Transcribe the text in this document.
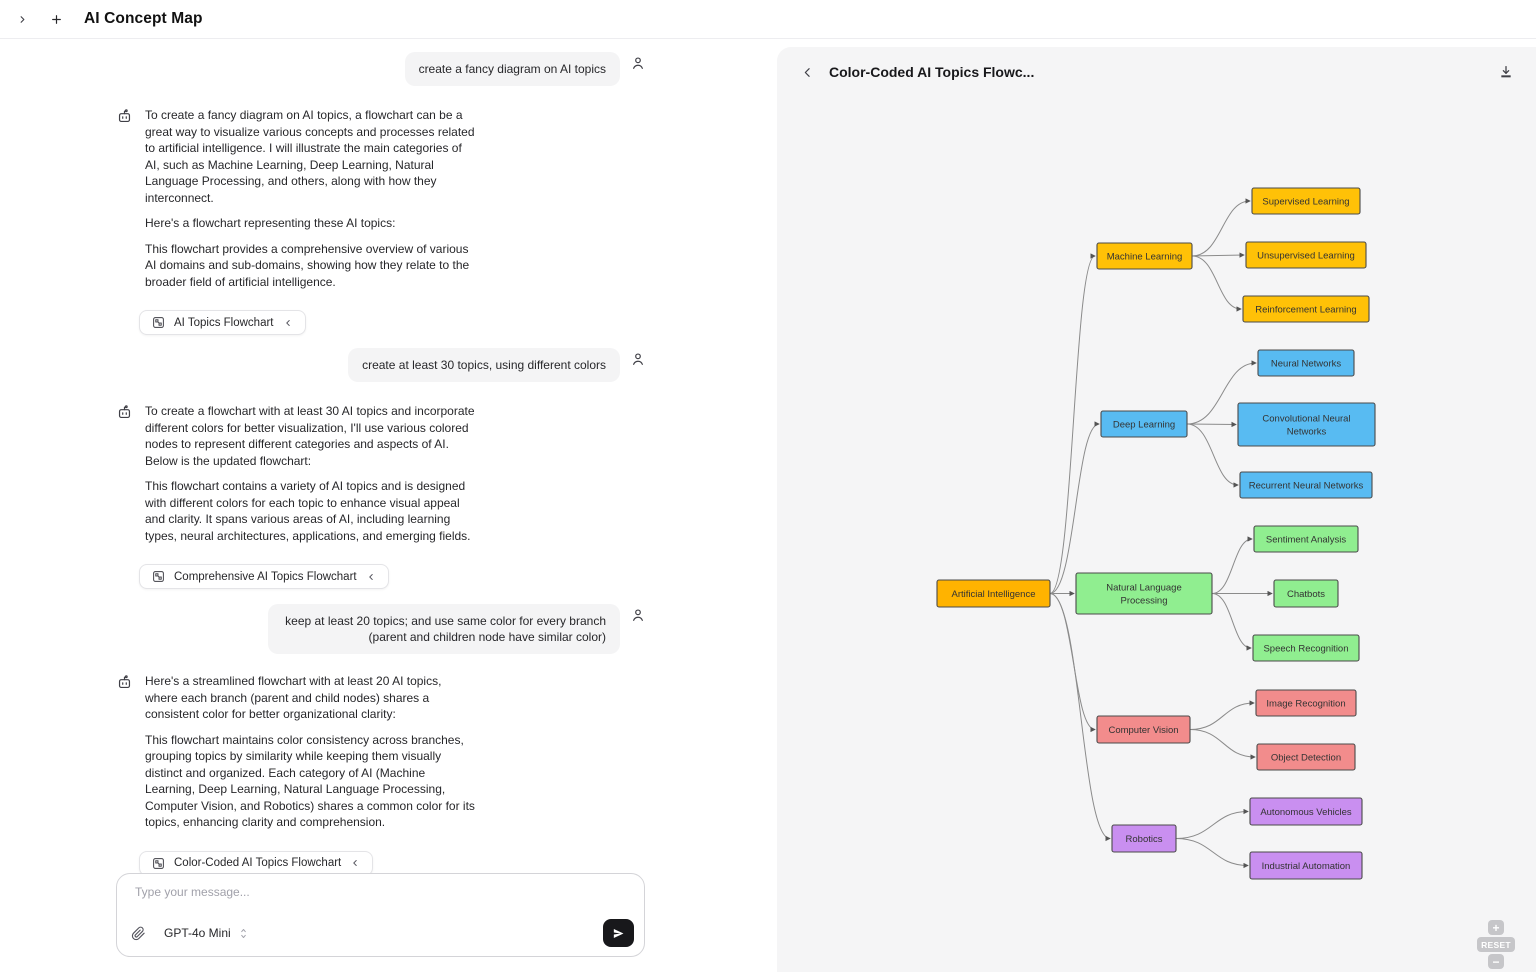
AI Concept Map
create a fancy diagram on AI topics

To create a fancy diagram on AI topics, a flowchart can be a great way to visualize various concepts and processes related to artificial intelligence. I will illustrate the main categories of AI, such as Machine Learning, Deep Learning, Natural Language Processing, and others, along with how they interconnect.

Here's a flowchart representing these AI topics:

This flowchart provides a comprehensive overview of various AI domains and sub-domains, showing how they relate to the broader field of artificial intelligence.

AI Topics Flowchart
create at least 30 topics, using different colors

To create a flowchart with at least 30 AI topics and incorporate different colors for better visualization, I'll use various colored nodes to represent different categories and aspects of AI. Below is the updated flowchart:

This flowchart contains a variety of AI topics and is designed with different colors for each topic to enhance visual appeal and clarity. It spans various areas of AI, including learning types, neural architectures, applications, and emerging fields.

Comprehensive AI Topics Flowchart
keep at least 20 topics; and use same color for every branch (parent and children node have similar color)

Here's a streamlined flowchart with at least 20 AI topics, where each branch (parent and child nodes) shares a consistent color for better organizational clarity:

This flowchart maintains color consistency across branches, grouping topics by similarity while keeping them visually distinct and organized. Each category of AI (Machine Learning, Deep Learning, Natural Language Processing, Computer Vision, and Robotics) shares a common color for its topics, enhancing clarity and comprehension.

Color-Coded AI Topics Flowchart
Type your message...
GPT-4o Mini
Color-Coded AI Topics Flowc...
Artificial Intelligence
Machine Learning
Supervised Learning
Unsupervised Learning
Reinforcement Learning
Deep Learning
Neural Networks
Convolutional Neural
Networks
Recurrent Neural Networks
Natural Language
Processing
Sentiment Analysis
Chatbots
Speech Recognition
Computer Vision
Image Recognition
Object Detection
Robotics
Autonomous Vehicles
Industrial Automation
+
RESET
−
